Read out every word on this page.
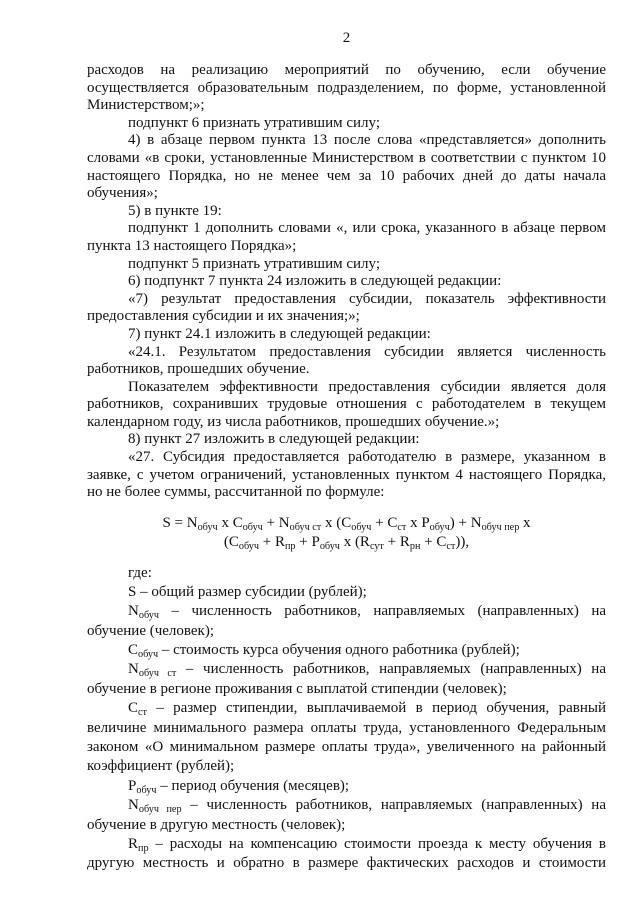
2
расходов на реализацию мероприятий по обучению, если обучение
осуществляется образовательным подразделением, по форме, установленной
Министерством;»;
подпункт 6 признать утратившим силу;
4) в абзаце первом пункта 13 после слова «представляется» дополнить
словами «в сроки, установленные Министерством в соответствии с пунктом 10
настоящего Порядка, но не менее чем за 10 рабочих дней до даты начала
обучения»;
5) в пункте 19:
подпункт 1 дополнить словами «, или срока, указанного в абзаце первом
пункта 13 настоящего Порядка»;
подпункт 5 признать утратившим силу;
6) подпункт 7 пункта 24 изложить в следующей редакции:
«7) результат предоставления субсидии, показатель эффективности
предоставления субсидии и их значения;»;
7) пункт 24.1 изложить в следующей редакции:
«24.1. Результатом предоставления субсидии является численность
работников, прошедших обучение.
Показателем эффективности предоставления субсидии является доля
работников, сохранивших трудовые отношения с работодателем в текущем
календарном году, из числа работников, прошедших обучение.»;
8) пункт 27 изложить в следующей редакции:
«27. Субсидия предоставляется работодателю в размере, указанном в
заявке, с учетом ограничений, установленных пунктом 4 настоящего Порядка,
но не более суммы, рассчитанной по формуле:
$S = N_{обуч}$ x $C_{обуч} + N_{обуч ст}$ x ($C_{обуч} + C_{ст}$ x $P_{обуч}) + N_{обуч пер}$ x
($C_{обуч} + R_{пр} + P_{обуч}$ x $(R_{сут} + R_{рн} + C_{ст})$),
где:
S – общий размер субсидии (рублей);
$N_{обуч}$ – численность работников, направляемых (направленных) на
обучение (человек);
$C_{обуч}$ – стоимость курса обучения одного работника (рублей);
$N_{обуч ст}$ – численность работников, направляемых (направленных) на
обучение в регионе проживания с выплатой стипендии (человек);
$C_{ст}$ – размер стипендии, выплачиваемой в период обучения, равный
величине минимального размера оплаты труда, установленного Федеральным
законом «О минимальном размере оплаты труда», увеличенного на районный
коэффициент (рублей);
$P_{обуч}$ – период обучения (месяцев);
$N_{обуч пер}$ – численность работников, направляемых (направленных) на
обучение в другую местность (человек);
$R_{пр}$ – расходы на компенсацию стоимости проезда к месту обучения в
другую местность и обратно в размере фактических расходов и стоимости
